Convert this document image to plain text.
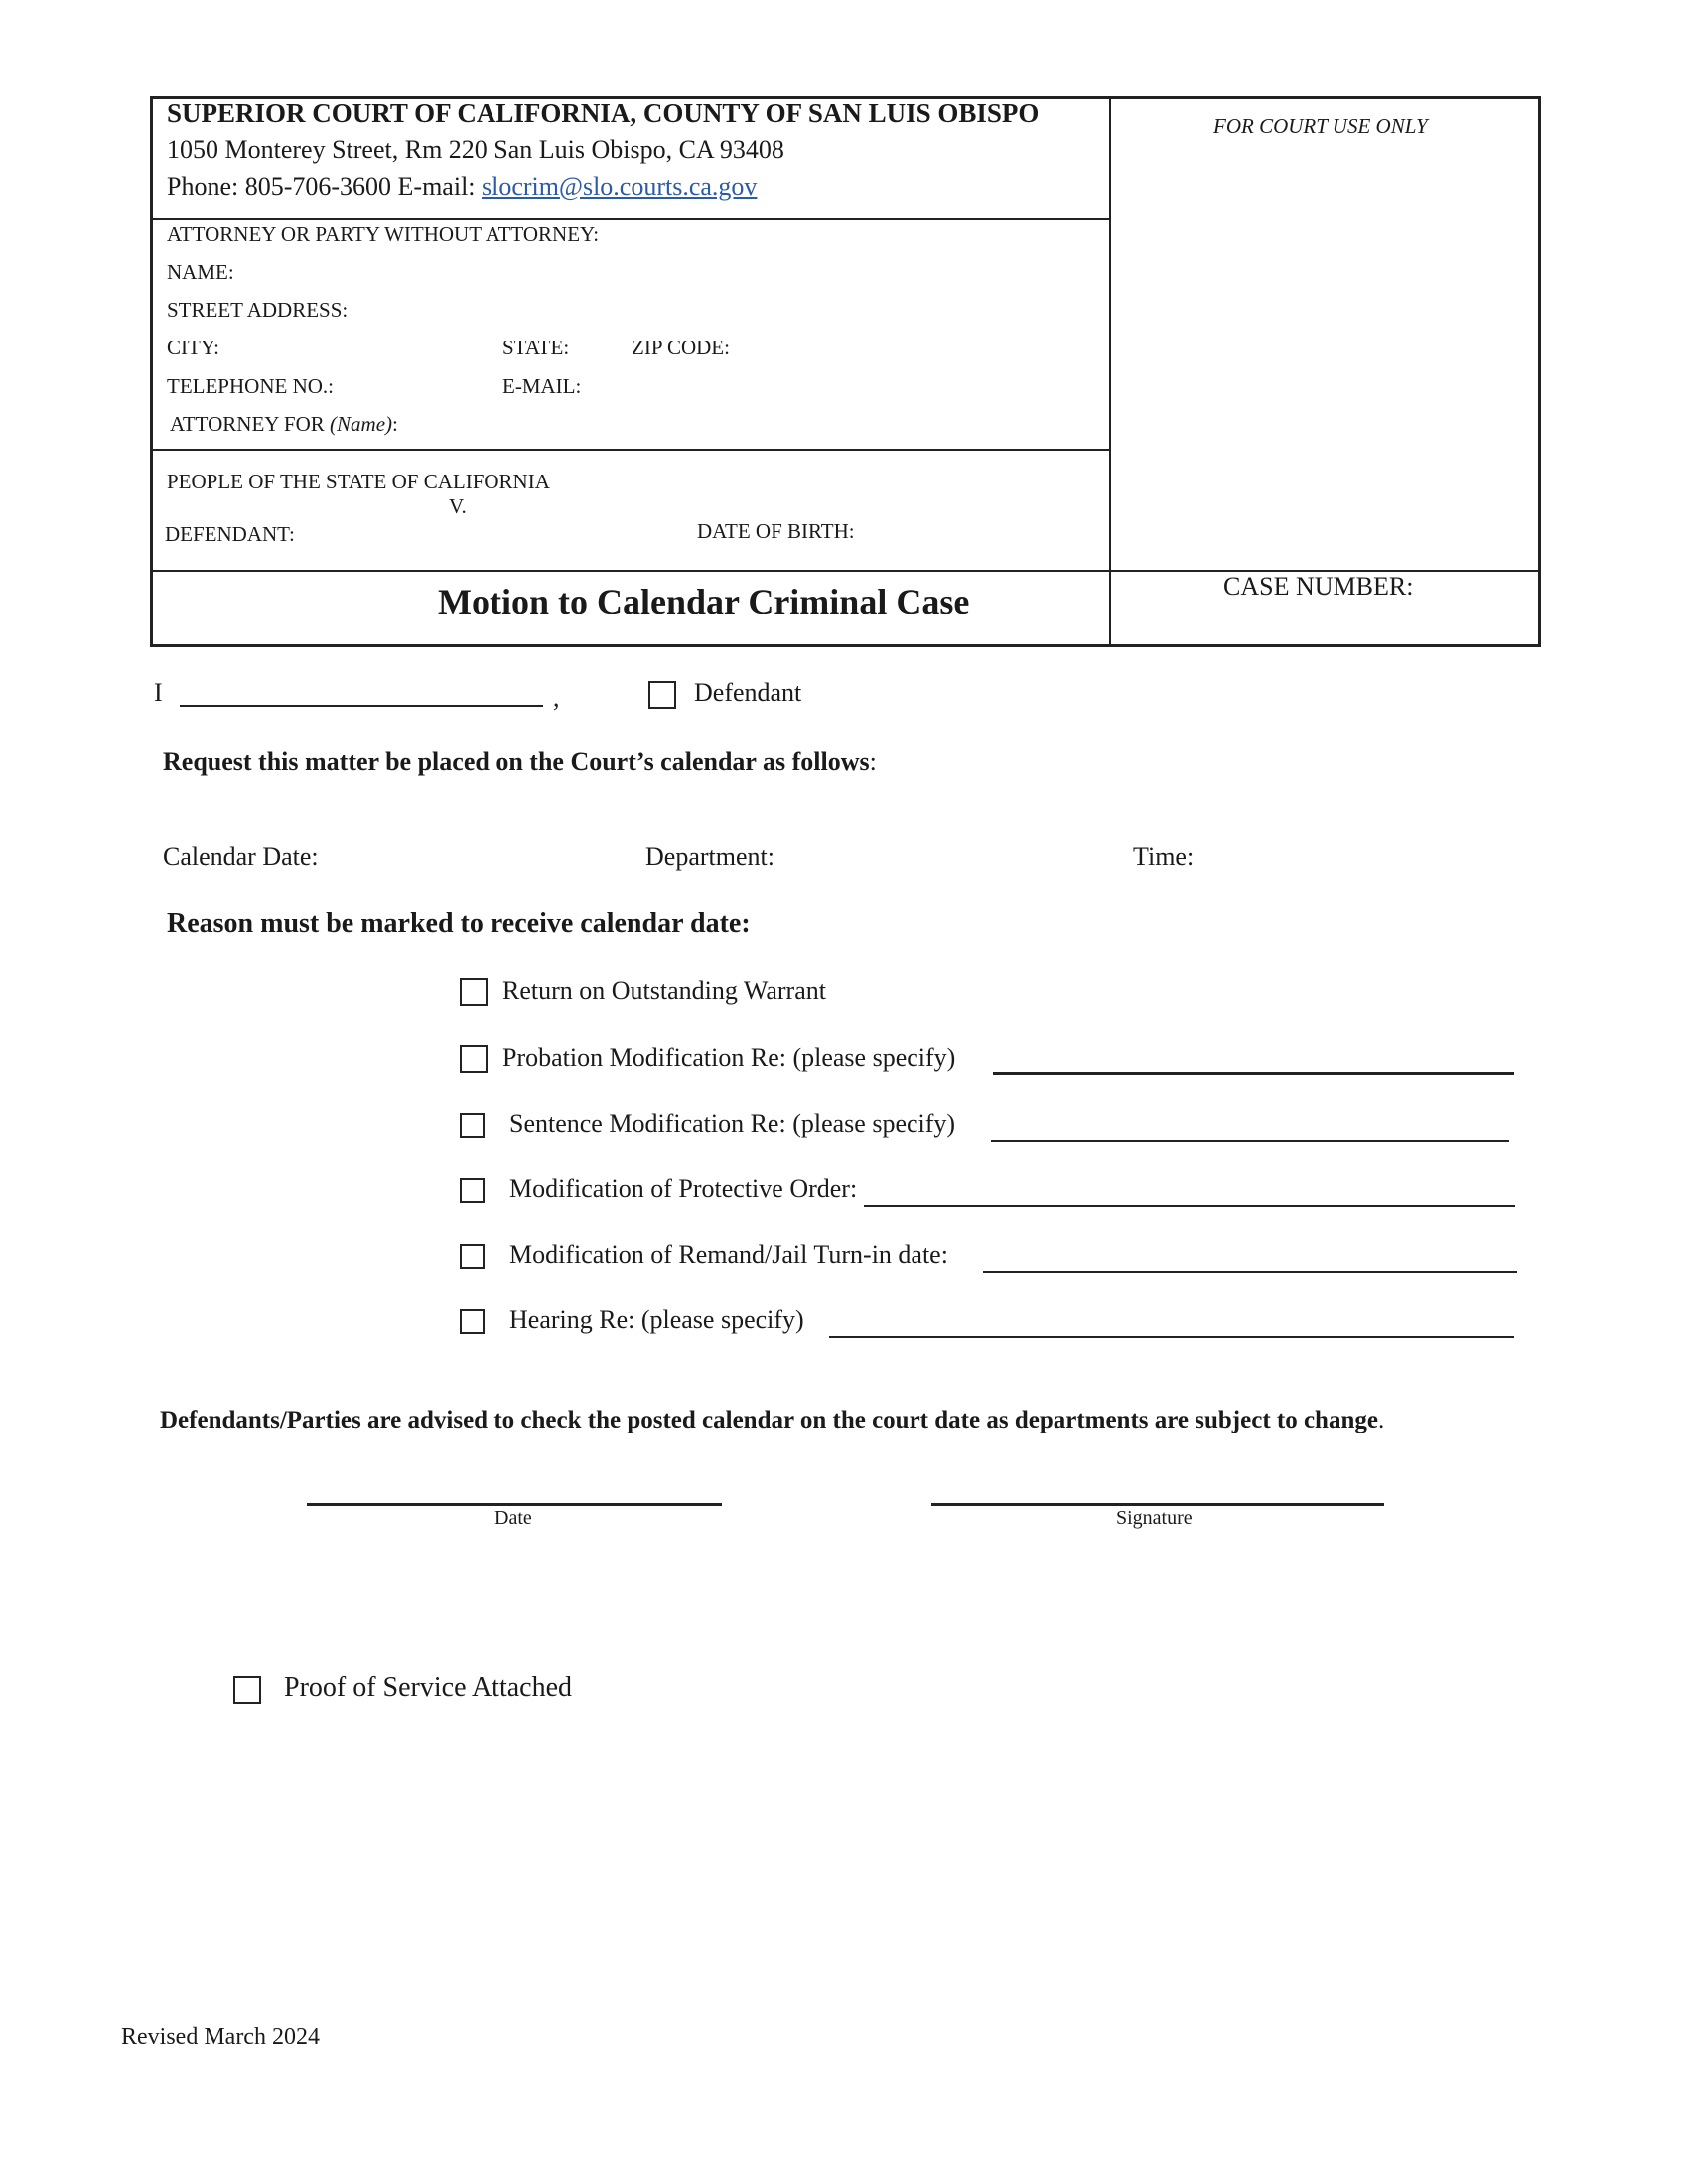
SUPERIOR COURT OF CALIFORNIA, COUNTY OF SAN LUIS OBISPO
1050 Monterey Street, Rm 220 San Luis Obispo, CA 93408
Phone: 805-706-3600 E-mail: slocrim@slo.courts.ca.gov
FOR COURT USE ONLY
ATTORNEY OR PARTY WITHOUT ATTORNEY:
NAME:
STREET ADDRESS:
CITY:	STATE:	ZIP CODE:
TELEPHONE NO.:	E-MAIL:
ATTORNEY FOR (Name):
PEOPLE OF THE STATE OF CALIFORNIA
V.
DEFENDANT:	DATE OF BIRTH:
Motion to Calendar Criminal Case	CASE NUMBER:
I	,	Defendant
Request this matter be placed on the Court’s calendar as follows:
Calendar Date:	Department:	Time:
Reason must be marked to receive calendar date:
Return on Outstanding Warrant
Probation Modification Re: (please specify)
Sentence Modification Re: (please specify)
Modification of Protective Order:
Modification of Remand/Jail Turn-in date:
Hearing Re: (please specify)
Defendants/Parties are advised to check the posted calendar on the court date as departments are subject to change.
Date	Signature
Proof of Service Attached
Revised March 2024
